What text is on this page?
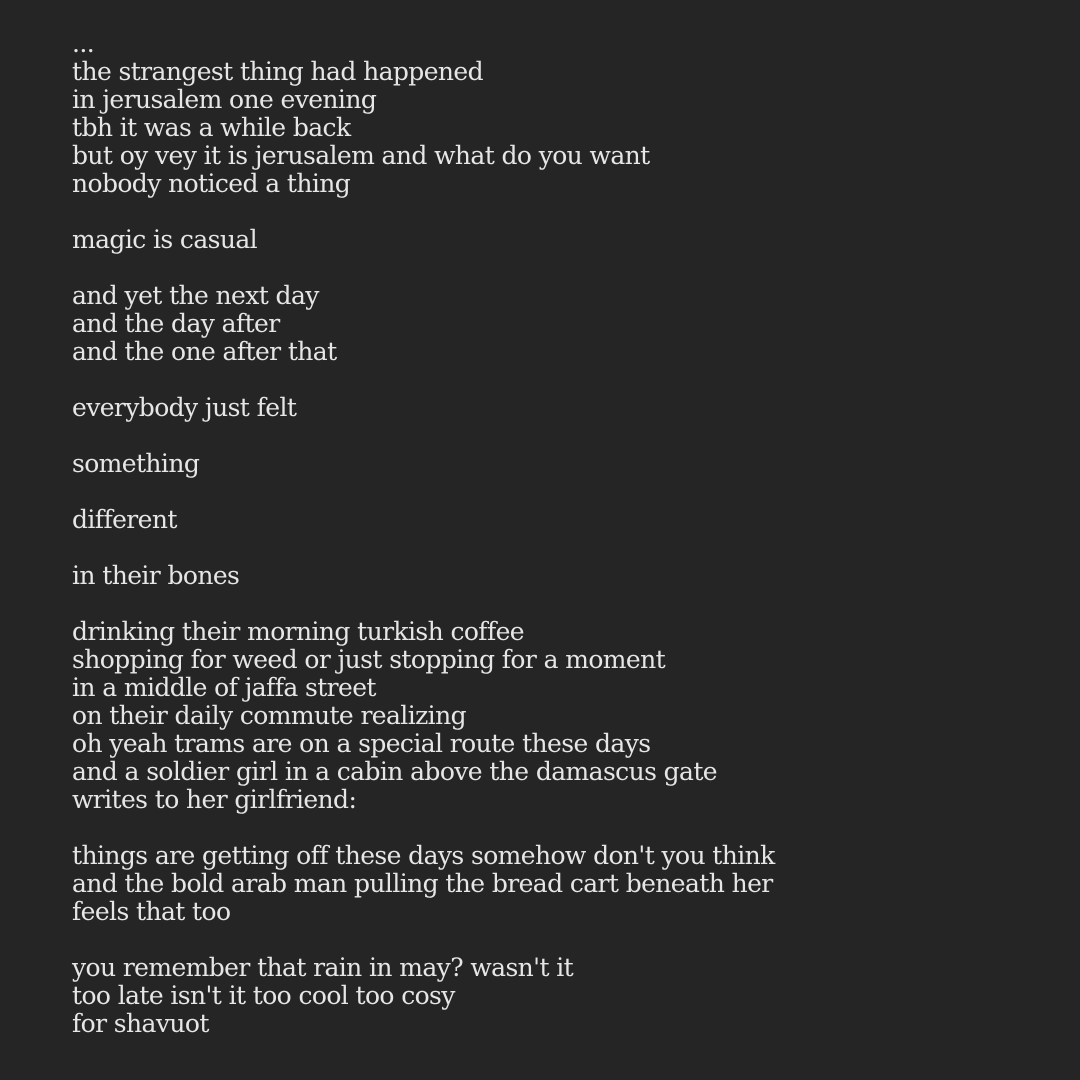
...
the strangest thing had happened
in jerusalem one evening
tbh it was a while back
but oy vey it is jerusalem and what do you want
nobody noticed a thing
magic is casual
and yet the next day
and the day after
and the one after that
everybody just felt
something
different
in their bones
drinking their morning turkish coffee
shopping for weed or just stopping for a moment
in a middle of jaffa street
on their daily commute realizing
oh yeah trams are on a special route these days
and a soldier girl in a cabin above the damascus gate
writes to her girlfriend:
things are getting off these days somehow don't you think
and the bold arab man pulling the bread cart beneath her
feels that too
you remember that rain in may? wasn't it
too late isn't it too cool too cosy
for shavuot
